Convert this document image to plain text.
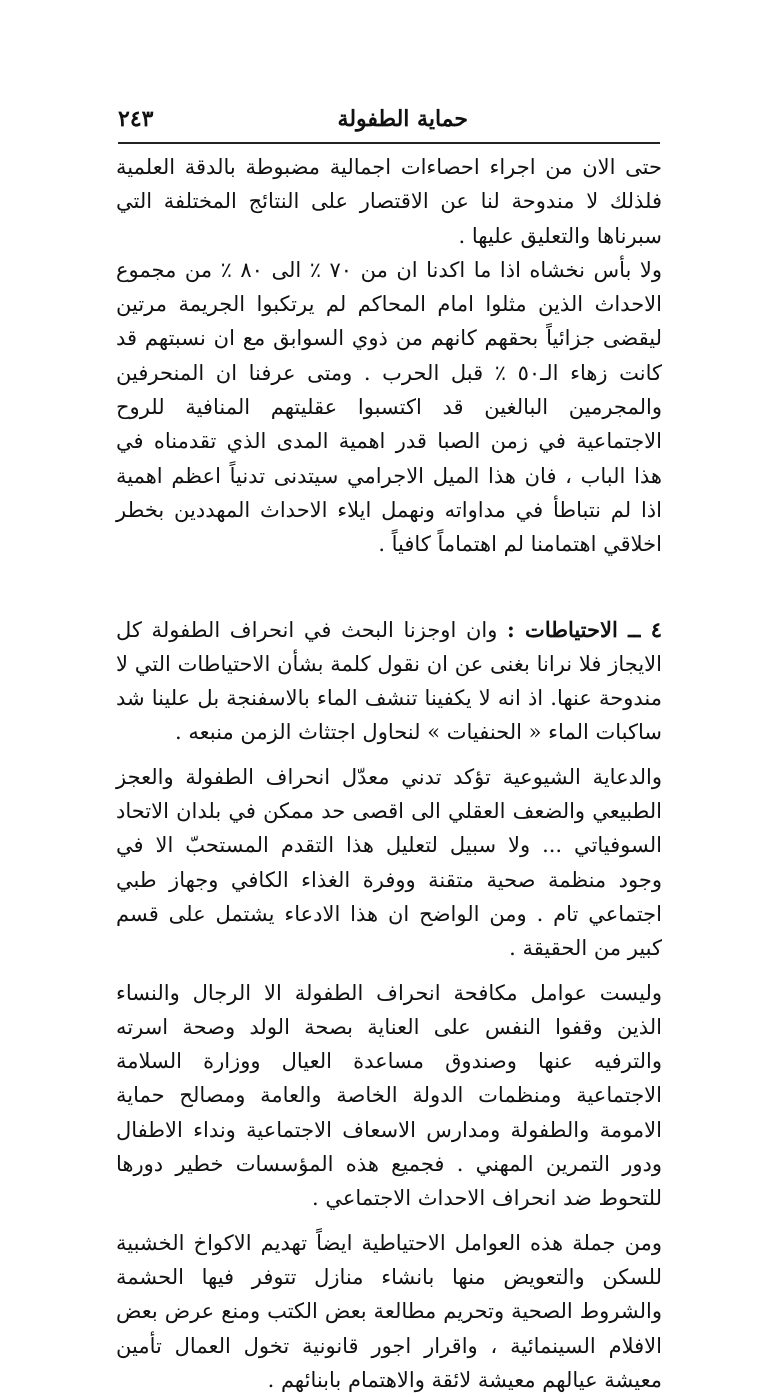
حماية الطفولة
٢٤٣

حتى الان من اجراء احصاءات اجمالية مضبوطة بالدقة العلمية فلذلك لا مندوحة لنا عن الاقتصار على النتائج المختلفة التي سبرناها والتعليق عليها .

ولا بأس نخشاه اذا ما اكدنا ان من ٧٠ ٪ الى ٨٠ ٪ من مجموع الاحداث الذين مثلوا امام المحاكم لم يرتكبوا الجريمة مرتين ليقضى جزائياً بحقهم كانهم من ذوي السوابق مع ان نسبتهم قد كانت زهاء الـ٥٠ ٪ قبل الحرب . ومتى عرفنا ان المنحرفين والمجرمين البالغين قد اكتسبوا عقليتهم المنافية للروح الاجتماعية في زمن الصبا قدر اهمية المدى الذي تقدمناه في هذا الباب ، فان هذا الميل الاجرامي سيتدنى تدنياً اعظم اهمية اذا لم نتباطأ في مداواته ونهمل ايلاء الاحداث المهددين بخطر اخلاقي اهتمامنا لم اهتماماً كافياً .

٤ ــ الاحتياطات : وان اوجزنا البحث في انحراف الطفولة كل الايجاز فلا نرانا بغنى عن ان نقول كلمة بشأن الاحتياطات التي لا مندوحة عنها. اذ انه لا يكفينا تنشف الماء بالاسفنجة بل علينا شد ساكبات الماء « الحنفيات » لنحاول اجتثاث الزمن منبعه .

والدعاية الشيوعية تؤكد تدني معدّل انحراف الطفولة والعجز الطبيعي والضعف العقلي الى اقصى حد ممكن في بلدان الاتحاد السوفياتي ... ولا سبيل لتعليل هذا التقدم المستحبّ الا في وجود منظمة صحية متقنة ووفرة الغذاء الكافي وجهاز طبي اجتماعي تام . ومن الواضح ان هذا الادعاء يشتمل على قسم كبير من الحقيقة .

وليست عوامل مكافحة انحراف الطفولة الا الرجال والنساء الذين وقفوا النفس على العناية بصحة الولد وصحة اسرته والترفيه عنها وصندوق مساعدة العيال ووزارة السلامة الاجتماعية ومنظمات الدولة الخاصة والعامة ومصالح حماية الامومة والطفولة ومدارس الاسعاف الاجتماعية ونداء الاطفال ودور التمرين المهني . فجميع هذه المؤسسات خطير دورها للتحوط ضد انحراف الاحداث الاجتماعي .

ومن جملة هذه العوامل الاحتياطية ايضاً تهديم الاكواخ الخشبية للسكن والتعويض منها بانشاء منازل تتوفر فيها الحشمة والشروط الصحية وتحريم مطالعة بعض الكتب ومنع عرض بعض الافلام السينمائية ، واقرار اجور قانونية تخول العمال تأمين معيشة عيالهم معيشة لائقة والاهتمام بابنائهم .
